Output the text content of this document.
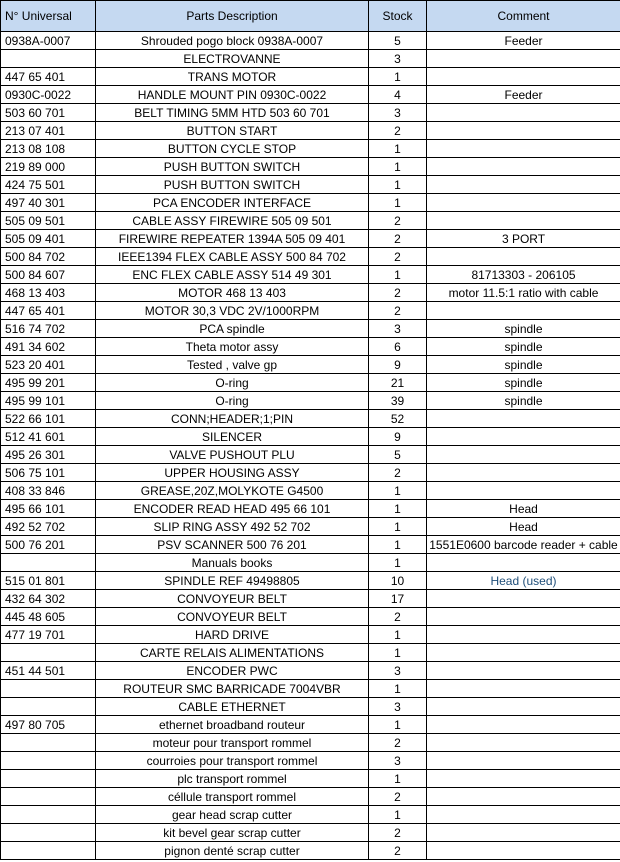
N° Universal	Parts Description	Stock	Comment
0938A-0007	Shrouded pogo block 0938A-0007	5	Feeder
	ELECTROVANNE	3	
447 65 401	TRANS MOTOR	1	
0930C-0022	HANDLE MOUNT PIN 0930C-0022	4	Feeder
503 60 701	BELT TIMING 5MM HTD 503 60 701	3	
213 07 401	BUTTON START	2	
213 08 108	BUTTON CYCLE STOP	1	
219 89 000	PUSH BUTTON SWITCH	1	
424 75 501	PUSH BUTTON SWITCH	1	
497 40 301	PCA ENCODER INTERFACE	1	
505 09 501	CABLE ASSY FIREWIRE 505 09 501	2	
505 09 401	FIREWIRE REPEATER 1394A 505 09 401	2	3 PORT
500 84 702	IEEE1394 FLEX CABLE ASSY 500 84 702	2	
500 84 607	ENC FLEX CABLE ASSY 514 49 301	1	81713303 - 206105
468 13 403	MOTOR 468 13 403	2	motor 11.5:1 ratio with cable
447 65 401	MOTOR 30,3 VDC 2V/1000RPM	2	
516 74 702	PCA spindle	3	spindle
491 34 602	Theta motor assy	6	spindle
523 20 401	Tested , valve gp	9	spindle
495 99 201	O-ring	21	spindle
495 99 101	O-ring	39	spindle
522 66 101	CONN;HEADER;1;PIN	52	
512 41 601	SILENCER	9	
495 26 301	VALVE PUSHOUT PLU	5	
506 75 101	UPPER HOUSING ASSY	2	
408 33 846	GREASE,20Z,MOLYKOTE G4500	1	
495 66 101	ENCODER READ HEAD 495 66 101	1	Head
492 52 702	SLIP RING ASSY 492 52 702	1	Head
500 76 201	PSV SCANNER 500 76 201	1	1551E0600 barcode reader + cable
	Manuals books	1	
515 01 801	SPINDLE REF 49498805	10	Head (used)
432 64 302	CONVOYEUR BELT	17	
445 48 605	CONVOYEUR BELT	2	
477 19 701	HARD DRIVE	1	
	CARTE RELAIS ALIMENTATIONS	1	
451 44 501	ENCODER PWC	3	
	ROUTEUR SMC BARRICADE 7004VBR	1	
	CABLE ETHERNET	3	
497 80 705	ethernet broadband routeur	1	
	moteur pour transport rommel	2	
	courroies pour transport rommel	3	
	plc transport rommel	1	
	céllule transport rommel	2	
	gear head scrap cutter	1	
	kit bevel gear scrap cutter	2	
	pignon denté scrap cutter	2	
